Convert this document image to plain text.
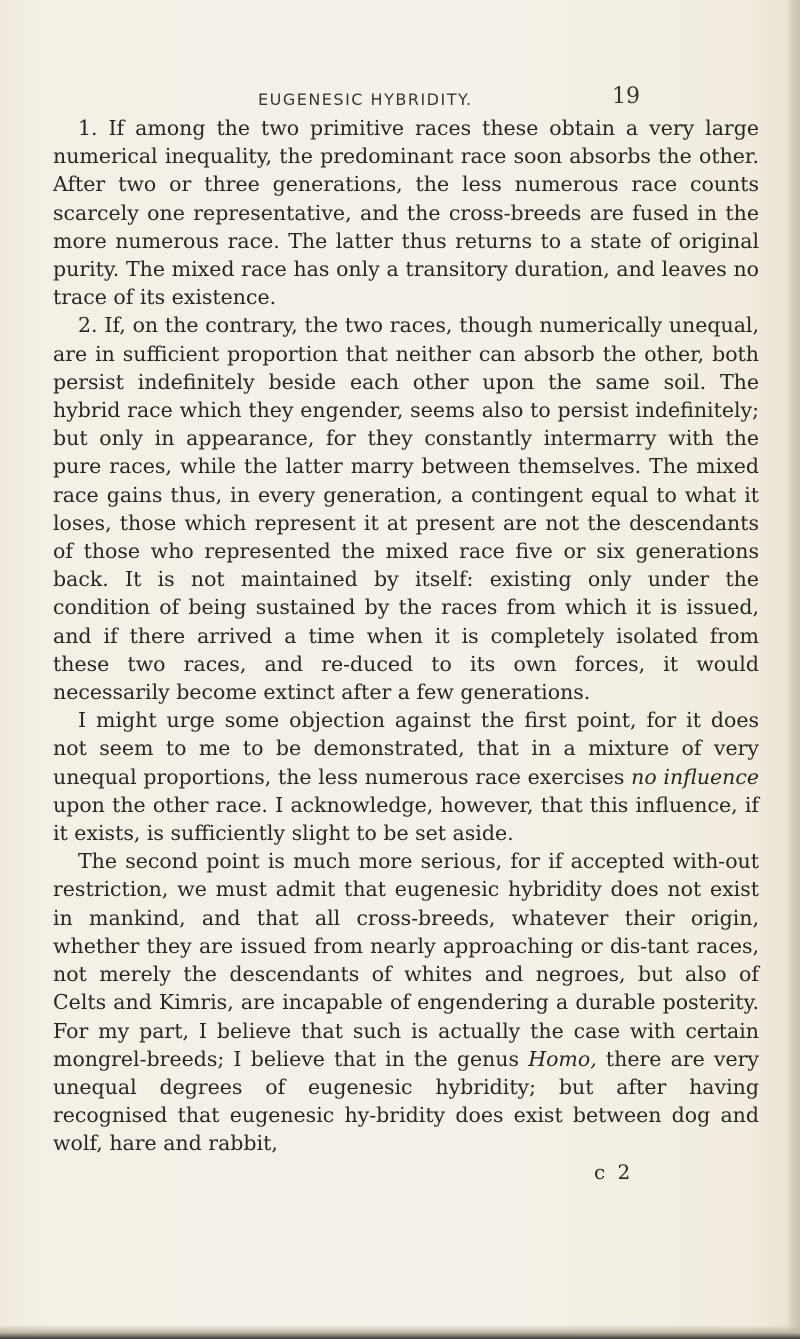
EUGENESIC HYBRIDITY.	19

1. If among the two primitive races these obtain a very large numerical inequality, the predominant race soon absorbs the other. After two or three generations, the less numerous race counts scarcely one representative, and the cross-breeds are fused in the more numerous race. The latter thus returns to a state of original purity. The mixed race has only a transitory duration, and leaves no trace of its existence.

2. If, on the contrary, the two races, though numerically unequal, are in sufficient proportion that neither can absorb the other, both persist indefinitely beside each other upon the same soil. The hybrid race which they engender, seems also to persist indefinitely; but only in appearance, for they constantly intermarry with the pure races, while the latter marry between themselves. The mixed race gains thus, in every generation, a contingent equal to what it loses, those which represent it at present are not the descendants of those who represented the mixed race five or six generations back. It is not maintained by itself: existing only under the condition of being sustained by the races from which it is issued, and if there arrived a time when it is completely isolated from these two races, and re-duced to its own forces, it would necessarily become extinct after a few generations.

I might urge some objection against the first point, for it does not seem to me to be demonstrated, that in a mixture of very unequal proportions, the less numerous race exercises no influence upon the other race. I acknowledge, however, that this influence, if it exists, is sufficiently slight to be set aside.

The second point is much more serious, for if accepted with-out restriction, we must admit that eugenesic hybridity does not exist in mankind, and that all cross-breeds, whatever their origin, whether they are issued from nearly approaching or dis-tant races, not merely the descendants of whites and negroes, but also of Celts and Kimris, are incapable of engendering a durable posterity. For my part, I believe that such is actually the case with certain mongrel-breeds; I believe that in the genus Homo, there are very unequal degrees of eugenesic hybridity; but after having recognised that eugenesic hy-bridity does exist between dog and wolf, hare and rabbit,

c 2
